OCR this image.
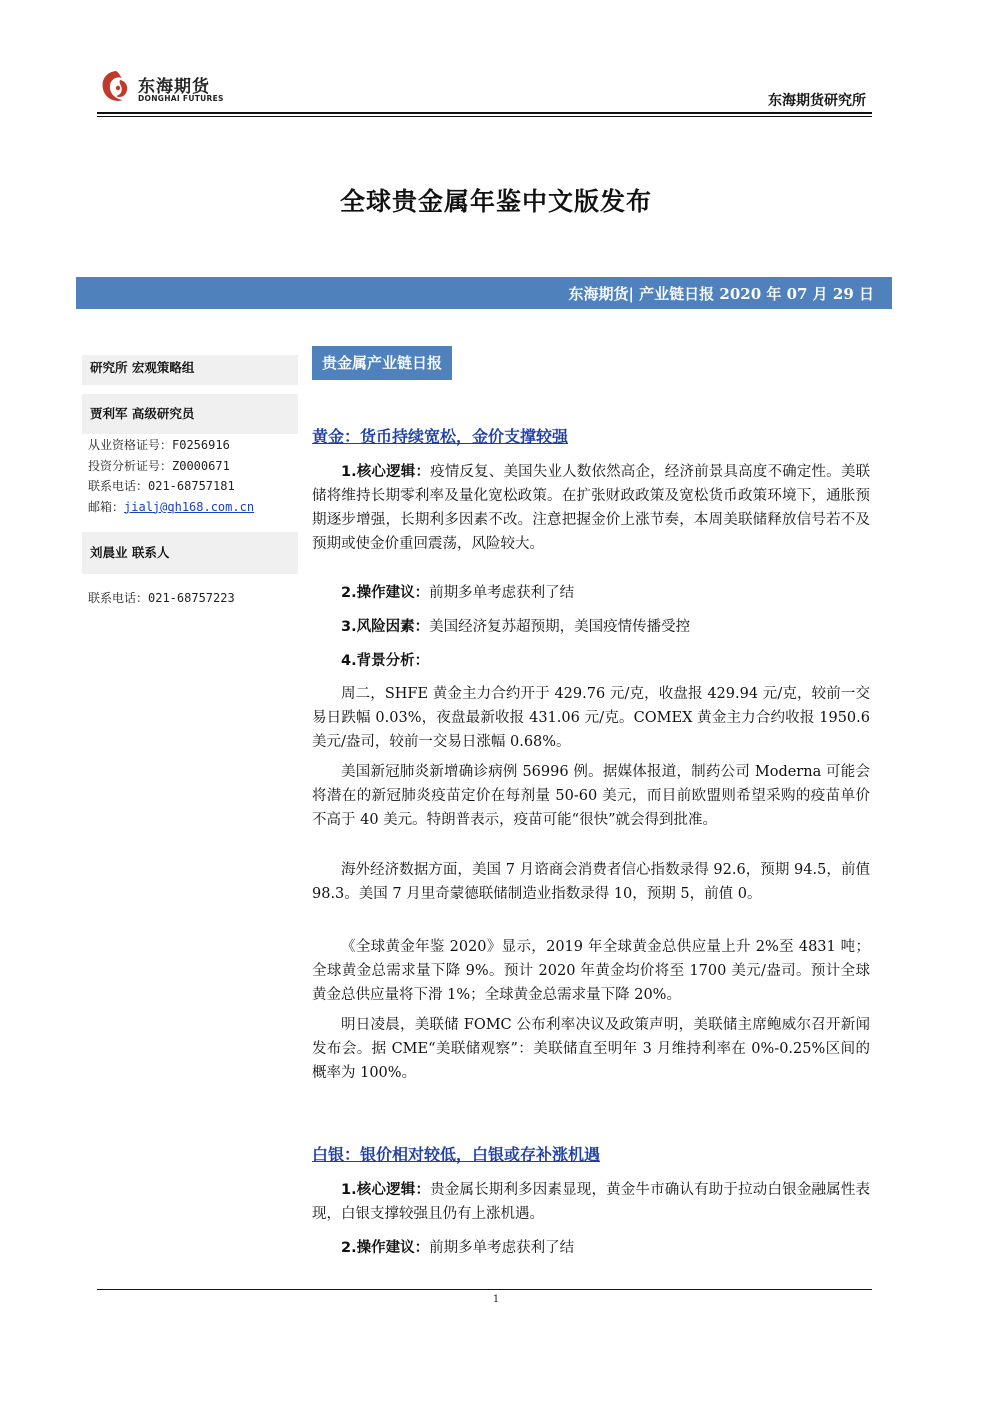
东海期货
DONGHAI FUTURES	东海期货研究所
全球贵金属年鉴中文版发布
东海期货| 产业链日报 2020 年 07 月 29 日
研究所 宏观策略组
贾利军 高级研究员
从业资格证号：F0256916
投资分析证号：Z0000671
联系电话：021-68757181
邮箱：jialj@qh168.com.cn
刘晨业 联系人
联系电话：021-68757223
贵金属产业链日报
黄金：货币持续宽松，金价支撑较强
1.核心逻辑：疫情反复、美国失业人数依然高企，经济前景具高度不确定性。美联储将维持长期零利率及量化宽松政策。在扩张财政政策及宽松货币政策环境下，通胀预期逐步增强，长期利多因素不改。注意把握金价上涨节奏，本周美联储释放信号若不及预期或使金价重回震荡，风险较大。
2.操作建议：前期多单考虑获利了结
3.风险因素：美国经济复苏超预期，美国疫情传播受控
4.背景分析：
周二，SHFE 黄金主力合约开于 429.76 元/克，收盘报 429.94 元/克，较前一交易日跌幅 0.03%，夜盘最新收报 431.06 元/克。COMEX 黄金主力合约收报 1950.6 美元/盎司，较前一交易日涨幅 0.68%。
美国新冠肺炎新增确诊病例 56996 例。据媒体报道，制药公司 Moderna 可能会将潜在的新冠肺炎疫苗定价在每剂量 50-60 美元，而目前欧盟则希望采购的疫苗单价不高于 40 美元。特朗普表示，疫苗可能“很快”就会得到批准。
海外经济数据方面，美国 7 月谘商会消费者信心指数录得 92.6，预期 94.5，前值 98.3。美国 7 月里奇蒙德联储制造业指数录得 10，预期 5，前值 0。
《全球黄金年鉴 2020》显示，2019 年全球黄金总供应量上升 2%至 4831 吨；全球黄金总需求量下降 9%。预计 2020 年黄金均价将至 1700 美元/盎司。预计全球黄金总供应量将下滑 1%；全球黄金总需求量下降 20%。
明日凌晨，美联储 FOMC 公布利率决议及政策声明，美联储主席鲍威尔召开新闻发布会。据 CME“美联储观察”：美联储直至明年 3 月维持利率在 0%-0.25%区间的概率为 100%。
白银：银价相对较低，白银或存补涨机遇
1.核心逻辑：贵金属长期利多因素显现，黄金牛市确认有助于拉动白银金融属性表现，白银支撑较强且仍有上涨机遇。
2.操作建议：前期多单考虑获利了结
1
